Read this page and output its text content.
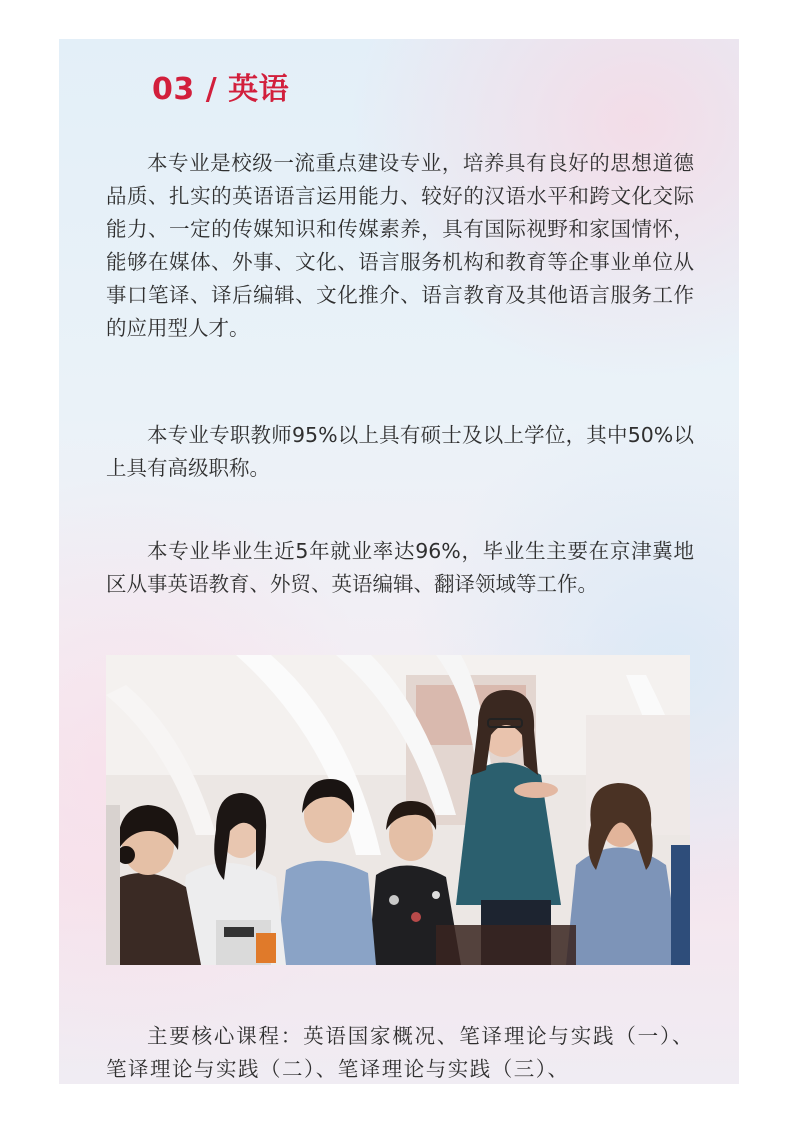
03 / 英语

本专业是校级一流重点建设专业，培养具有良好的思想道德品质、扎实的英语语言运用能力、较好的汉语水平和跨文化交际能力、一定的传媒知识和传媒素养，具有国际视野和家国情怀，能够在媒体、外事、文化、语言服务机构和教育等企事业单位从事口笔译、译后编辑、文化推介、语言教育及其他语言服务工作的应用型人才。

本专业专职教师95%以上具有硕士及以上学位，其中50%以上具有高级职称。

本专业毕业生近5年就业率达96%，毕业生主要在京津冀地区从事英语教育、外贸、英语编辑、翻译领域等工作。

主要核心课程：英语国家概况、笔译理论与实践（一）、笔译理论与实践（二）、笔译理论与实践（三）、
